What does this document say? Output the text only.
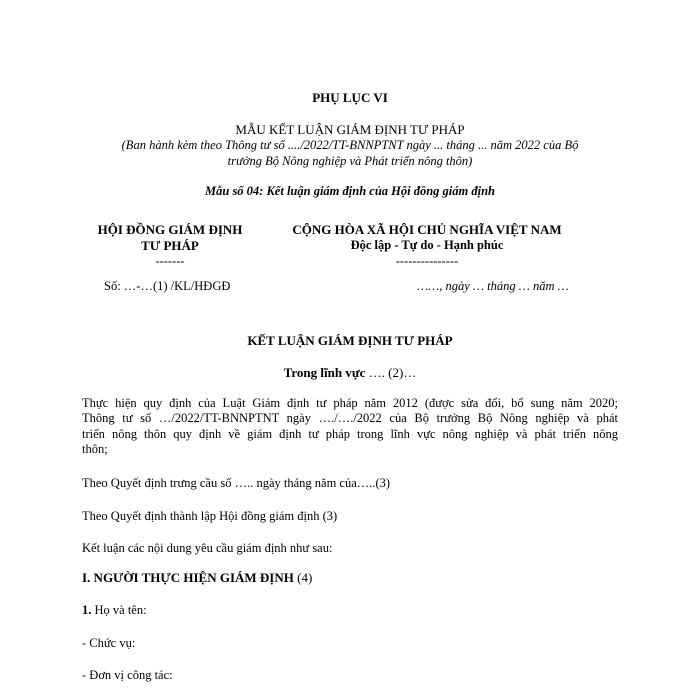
PHỤ LỤC VI
MẪU KẾT LUẬN GIÁM ĐỊNH TƯ PHÁP
(Ban hành kèm theo Thông tư số ..../2022/TT-BNNPTNT ngày ... tháng ... năm 2022 của Bộ
trưởng Bộ Nông nghiệp và Phát triển nông thôn)
Mẫu số 04: Kết luận giám định của Hội đồng giám định
HỘI ĐỒNG GIÁM ĐỊNH
TƯ PHÁP
-------
CỘNG HÒA XÃ HỘI CHỦ NGHĨA VIỆT NAM
Độc lập - Tự do - Hạnh phúc
---------------
Số: …-…(1) /KL/HĐGĐ	……, ngày … tháng … năm …
KẾT LUẬN GIÁM ĐỊNH TƯ PHÁP
Trong lĩnh vực …. (2)…
Thực hiện quy định của Luật Giám định tư pháp năm 2012 (được sửa đổi, bổ sung năm 2020;
Thông tư số …/2022/TT-BNNPTNT ngày …./…./2022 của Bộ trưởng Bộ Nông nghiệp và phát
triển nông thôn quy định về giám định tư pháp trong lĩnh vực nông nghiệp và phát triển nông
thôn;
Theo Quyết định trưng cầu số ….. ngày tháng năm của…..(3)
Theo Quyết định thành lập Hội đồng giám định (3)
Kết luận các nội dung yêu cầu giám định như sau:
I. NGƯỜI THỰC HIỆN GIÁM ĐỊNH (4)
1. Họ và tên:
- Chức vụ:
- Đơn vị công tác:
